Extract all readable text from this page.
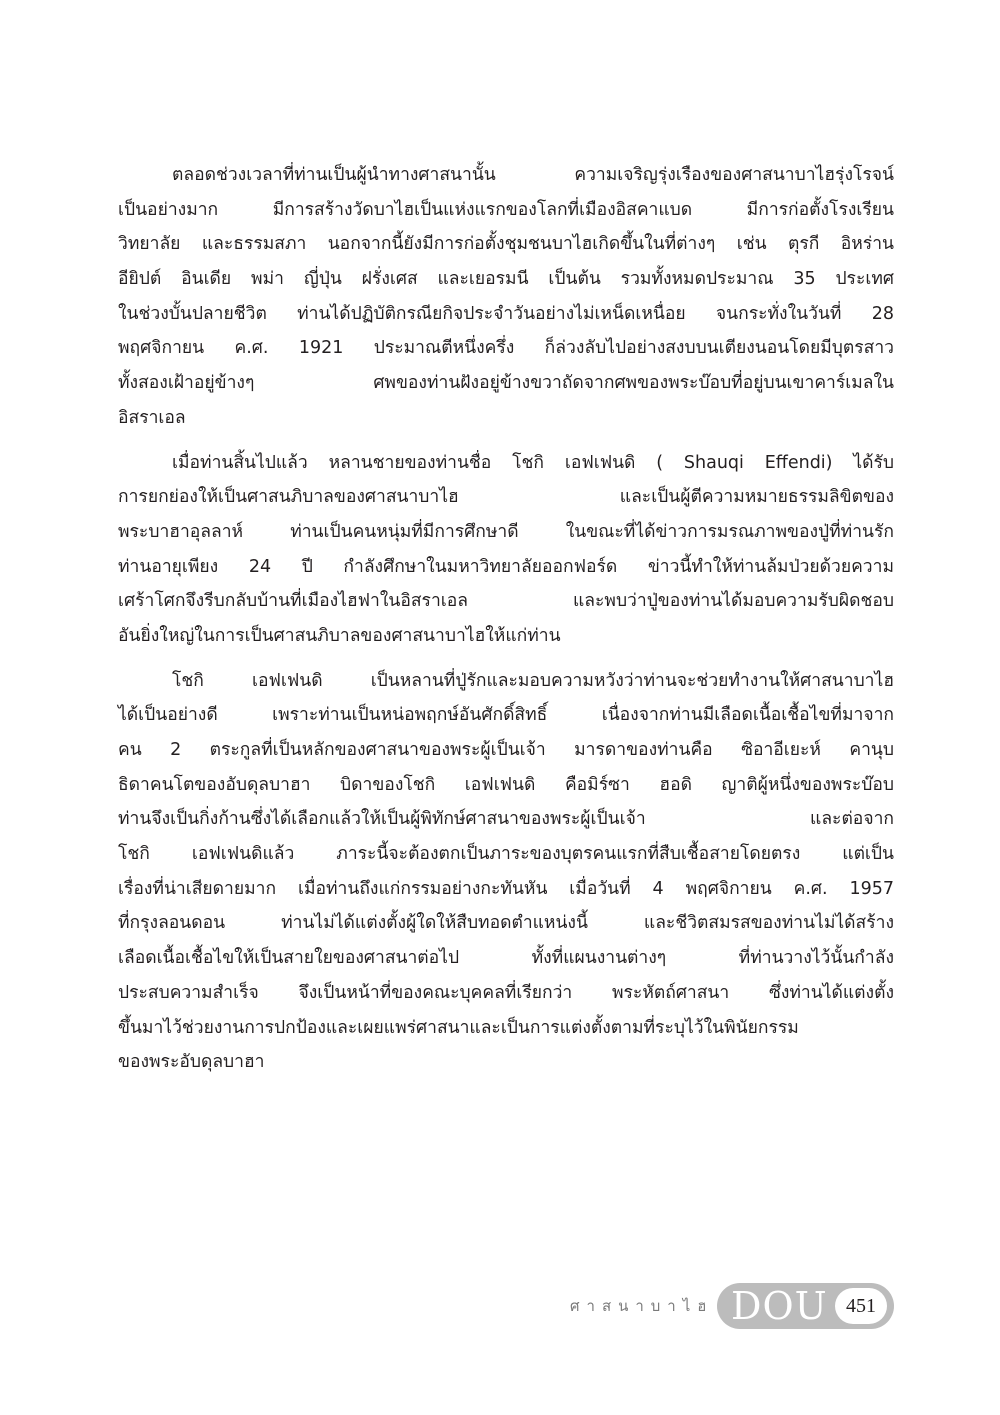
ตลอดช่วงเวลาที่ท่านเป็นผู้นำทางศาสนานั้น ความเจริญรุ่งเรืองของศาสนาบาไฮรุ่งโรจน์
เป็นอย่างมาก มีการสร้างวัดบาไฮเป็นแห่งแรกของโลกที่เมืองอิสคาแบด มีการก่อตั้งโรงเรียน
วิทยาลัย และธรรมสภา นอกจากนี้ยังมีการก่อตั้งชุมชนบาไฮเกิดขึ้นในที่ต่างๆ เช่น ตุรกี อิหร่าน
อียิปต์ อินเดีย พม่า ญี่ปุ่น ฝรั่งเศส และเยอรมนี เป็นต้น รวมทั้งหมดประมาณ 35 ประเทศ
ในช่วงบั้นปลายชีวิต ท่านได้ปฏิบัติกรณียกิจประจำวันอย่างไม่เหน็ดเหนื่อย จนกระทั่งในวันที่ 28
พฤศจิกายน ค.ศ. 1921 ประมาณตีหนึ่งครึ่ง ก็ล่วงลับไปอย่างสงบบนเตียงนอนโดยมีบุตรสาว
ทั้งสองเฝ้าอยู่ข้างๆ ศพของท่านฝังอยู่ข้างขวาถัดจากศพของพระบ๊อบที่อยู่บนเขาคาร์เมลใน
อิสราเอล
เมื่อท่านสิ้นไปแล้ว หลานชายของท่านชื่อ โชกิ เอฟเฟนดิ ( Shauqi Effendi) ได้รับ
การยกย่องให้เป็นศาสนภิบาลของศาสนาบาไฮ และเป็นผู้ตีความหมายธรรมลิขิตของ
พระบาฮาอุลลาห์ ท่านเป็นคนหนุ่มที่มีการศึกษาดี ในขณะที่ได้ข่าวการมรณภาพของปู่ที่ท่านรัก
ท่านอายุเพียง 24 ปี กำลังศึกษาในมหาวิทยาลัยออกฟอร์ด ข่าวนี้ทำให้ท่านล้มป่วยด้วยความ
เศร้าโศกจึงรีบกลับบ้านที่เมืองไฮฟาในอิสราเอล และพบว่าปู่ของท่านได้มอบความรับผิดชอบ
อันยิ่งใหญ่ในการเป็นศาสนภิบาลของศาสนาบาไฮให้แก่ท่าน
โชกิ เอฟเฟนดิ เป็นหลานที่ปู่รักและมอบความหวังว่าท่านจะช่วยทำงานให้ศาสนาบาไฮ
ได้เป็นอย่างดี เพราะท่านเป็นหน่อพฤกษ์อันศักดิ์สิทธิ์ เนื่องจากท่านมีเลือดเนื้อเชื้อไขที่มาจาก
คน 2 ตระกูลที่เป็นหลักของศาสนาของพระผู้เป็นเจ้า มารดาของท่านคือ ซิอาอีเยะห์ คานุบ
ธิดาคนโตของอับดุลบาฮา บิดาของโชกิ เอฟเฟนดิ คือมิร์ซา ฮอดิ ญาติผู้หนึ่งของพระบ๊อบ
ท่านจึงเป็นกิ่งก้านซึ่งได้เลือกแล้วให้เป็นผู้พิทักษ์ศาสนาของพระผู้เป็นเจ้า และต่อจาก
โชกิ เอฟเฟนดิแล้ว ภาระนี้จะต้องตกเป็นภาระของบุตรคนแรกที่สืบเชื้อสายโดยตรง แต่เป็น
เรื่องที่น่าเสียดายมาก เมื่อท่านถึงแก่กรรมอย่างกะทันหัน เมื่อวันที่ 4 พฤศจิกายน ค.ศ. 1957
ที่กรุงลอนดอน ท่านไม่ได้แต่งตั้งผู้ใดให้สืบทอดตำแหน่งนี้ และชีวิตสมรสของท่านไม่ได้สร้าง
เลือดเนื้อเชื้อไขให้เป็นสายใยของศาสนาต่อไป ทั้งที่แผนงานต่างๆ ที่ท่านวางไว้นั้นกำลัง
ประสบความสำเร็จ จึงเป็นหน้าที่ของคณะบุคคลที่เรียกว่า พระหัตถ์ศาสนา ซึ่งท่านได้แต่งตั้ง
ขึ้นมาไว้ช่วยงานการปกป้องและเผยแพร่ศาสนาและเป็นการแต่งตั้งตามที่ระบุไว้ในพินัยกรรม
ของพระอับดุลบาฮา
ศาสนาบาไฮ DOU 451
